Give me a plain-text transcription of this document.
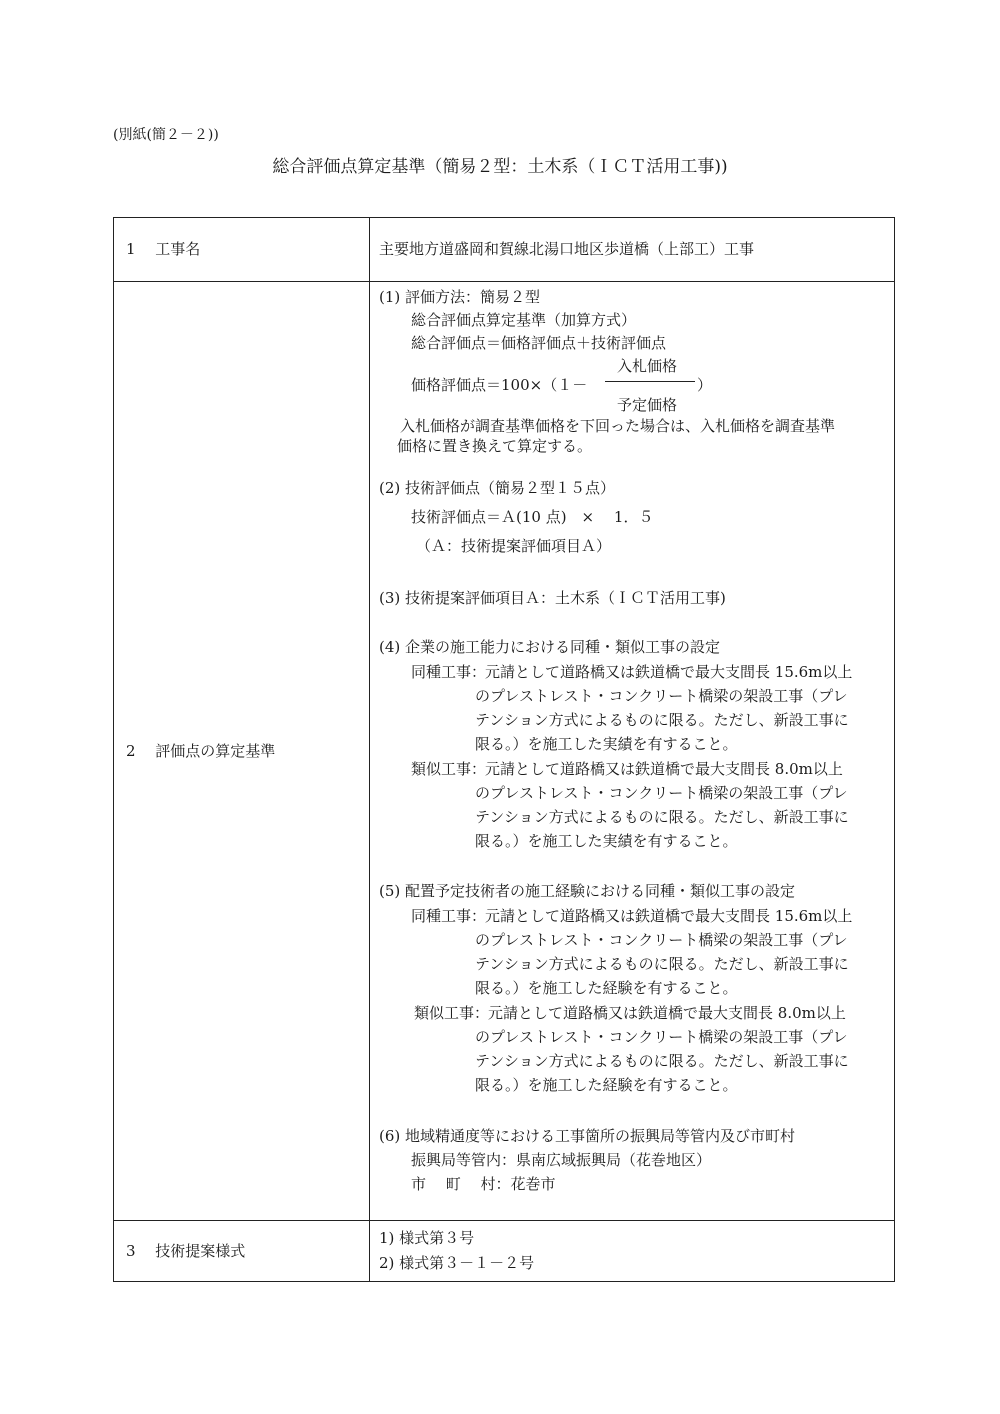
(別紙(簡２－２))
総合評価点算定基準（簡易２型：土木系（ＩＣＴ活用工事))
1　 工事名	主要地方道盛岡和賀線北湯口地区歩道橋（上部工）工事
2　 評価点の算定基準
(1) 評価方法：簡易２型
総合評価点算定基準（加算方式）
総合評価点＝価格評価点＋技術評価点
入札価格
価格評価点＝100×（１－	）
予定価格
入札価格が調査基準価格を下回った場合は、入札価格を調査基準
価格に置き換えて算定する。
(2) 技術評価点（簡易２型１５点）
技術評価点＝Ａ(10 点)　×　 1．５
（Ａ：技術提案評価項目Ａ）
(3) 技術提案評価項目Ａ：土木系（ＩＣＴ活用工事)
(4) 企業の施工能力における同種・類似工事の設定
同種工事：
元請として道路橋又は鉄道橋で最大支間長 15.6m以上
のプレストレスト・コンクリート橋梁の架設工事（プレ
テンション方式によるものに限る。ただし、新設工事に
限る。）を施工した実績を有すること。
類似工事：
元請として道路橋又は鉄道橋で最大支間長 8.0m以上
のプレストレスト・コンクリート橋梁の架設工事（プレ
テンション方式によるものに限る。ただし、新設工事に
限る。）を施工した実績を有すること。
(5) 配置予定技術者の施工経験における同種・類似工事の設定
同種工事：
元請として道路橋又は鉄道橋で最大支間長 15.6m以上
のプレストレスト・コンクリート橋梁の架設工事（プレ
テンション方式によるものに限る。ただし、新設工事に
限る。）を施工した経験を有すること。
類似工事：
元請として道路橋又は鉄道橋で最大支間長 8.0m以上
のプレストレスト・コンクリート橋梁の架設工事（プレ
テンション方式によるものに限る。ただし、新設工事に
限る。）を施工した経験を有すること。
(6) 地域精通度等における工事箇所の振興局等管内及び市町村
振興局等管内：県南広域振興局（花巻地区）
市　 町　 村：花巻市
3　 技術提案様式
1) 様式第３号
2) 様式第３－１－２号
